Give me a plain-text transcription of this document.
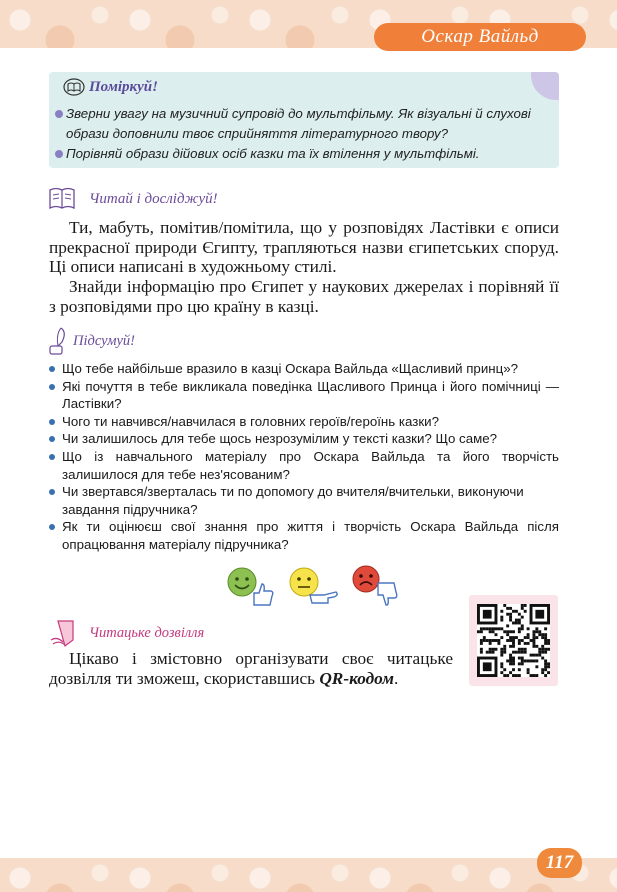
Оскар Вайльд
Поміркуй!
Зверни увагу на музичний супровід до мультфільму. Як візуальні й слухові образи доповнили твоє сприйняття літературного твору?
Порівняй образи дійових осіб казки та їх втілення у мультфільмі.
Читай і досліджуй!
Ти, мабуть, помітив/помітила, що у розповідях Ластівки є описи прекрасної природи Єгипту, трапляються назви єгипетських споруд. Ці описи написані в художньому стилі.
Знайди інформацію про Єгипет у наукових джерелах і порівняй її з розповідями про цю країну в казці.
Підсумуй!
Що тебе найбільше вразило в казці Оскара Вайльда «Щасливий принц»?
Які почуття в тебе викликала поведінка Щасливого Принца і його помічниці — Ластівки?
Чого ти навчився/навчилася в головних героїв/героїнь казки?
Чи залишилось для тебе щось незрозумілим у тексті казки? Що саме?
Що із навчального матеріалу про Оскара Вайльда та його творчість залишилося для тебе нез'ясованим?
Чи звертався/зверталась ти по допомогу до вчителя/вчительки, виконуючи завдання підручника?
Як ти оцінюєш свої знання про життя і творчість Оскара Вайльда після опрацювання матеріалу підручника?
Читацьке дозвілля
Цікаво і змістовно організувати своє читацьке дозвілля ти зможеш, скориставшись QR-кодом.
117
